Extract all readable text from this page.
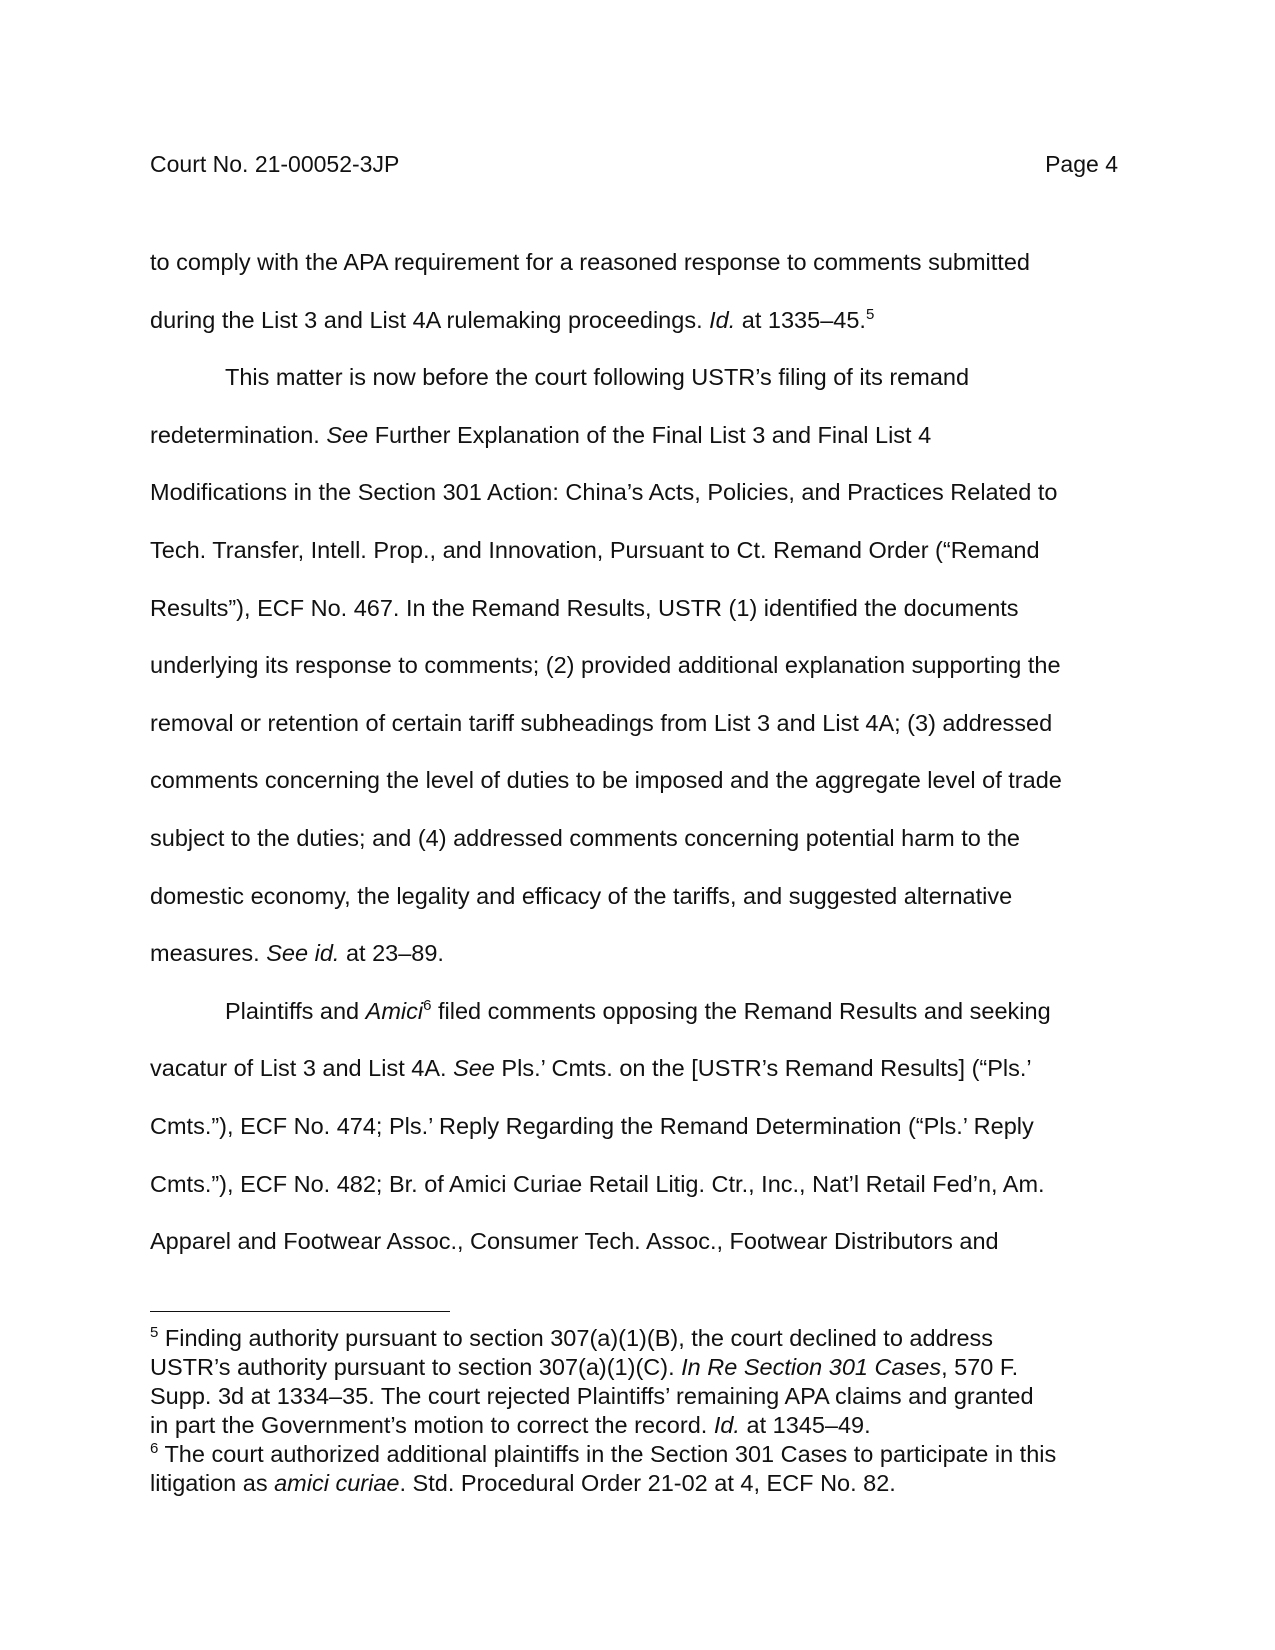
Court No. 21-00052-3JP	Page 4
to comply with the APA requirement for a reasoned response to comments submitted
during the List 3 and List 4A rulemaking proceedings. Id. at 1335–45.$^5$
This matter is now before the court following USTR’s filing of its remand
redetermination. See Further Explanation of the Final List 3 and Final List 4
Modifications in the Section 301 Action: China’s Acts, Policies, and Practices Related to
Tech. Transfer, Intell. Prop., and Innovation, Pursuant to Ct. Remand Order (“Remand
Results”), ECF No. 467. In the Remand Results, USTR (1) identified the documents
underlying its response to comments; (2) provided additional explanation supporting the
removal or retention of certain tariff subheadings from List 3 and List 4A; (3) addressed
comments concerning the level of duties to be imposed and the aggregate level of trade
subject to the duties; and (4) addressed comments concerning potential harm to the
domestic economy, the legality and efficacy of the tariffs, and suggested alternative
measures. See id. at 23–89.
Plaintiffs and Amici$^6$ filed comments opposing the Remand Results and seeking
vacatur of List 3 and List 4A. See Pls.’ Cmts. on the [USTR’s Remand Results] (“Pls.’
Cmts.”), ECF No. 474; Pls.’ Reply Regarding the Remand Determination (“Pls.’ Reply
Cmts.”), ECF No. 482; Br. of Amici Curiae Retail Litig. Ctr., Inc., Nat’l Retail Fed’n, Am.
Apparel and Footwear Assoc., Consumer Tech. Assoc., Footwear Distributors and
$^5$ Finding authority pursuant to section 307(a)(1)(B), the court declined to address
USTR’s authority pursuant to section 307(a)(1)(C). In Re Section 301 Cases, 570 F.
Supp. 3d at 1334–35. The court rejected Plaintiffs’ remaining APA claims and granted
in part the Government’s motion to correct the record. Id. at 1345–49.
$^6$ The court authorized additional plaintiffs in the Section 301 Cases to participate in this
litigation as amici curiae. Std. Procedural Order 21-02 at 4, ECF No. 82.
